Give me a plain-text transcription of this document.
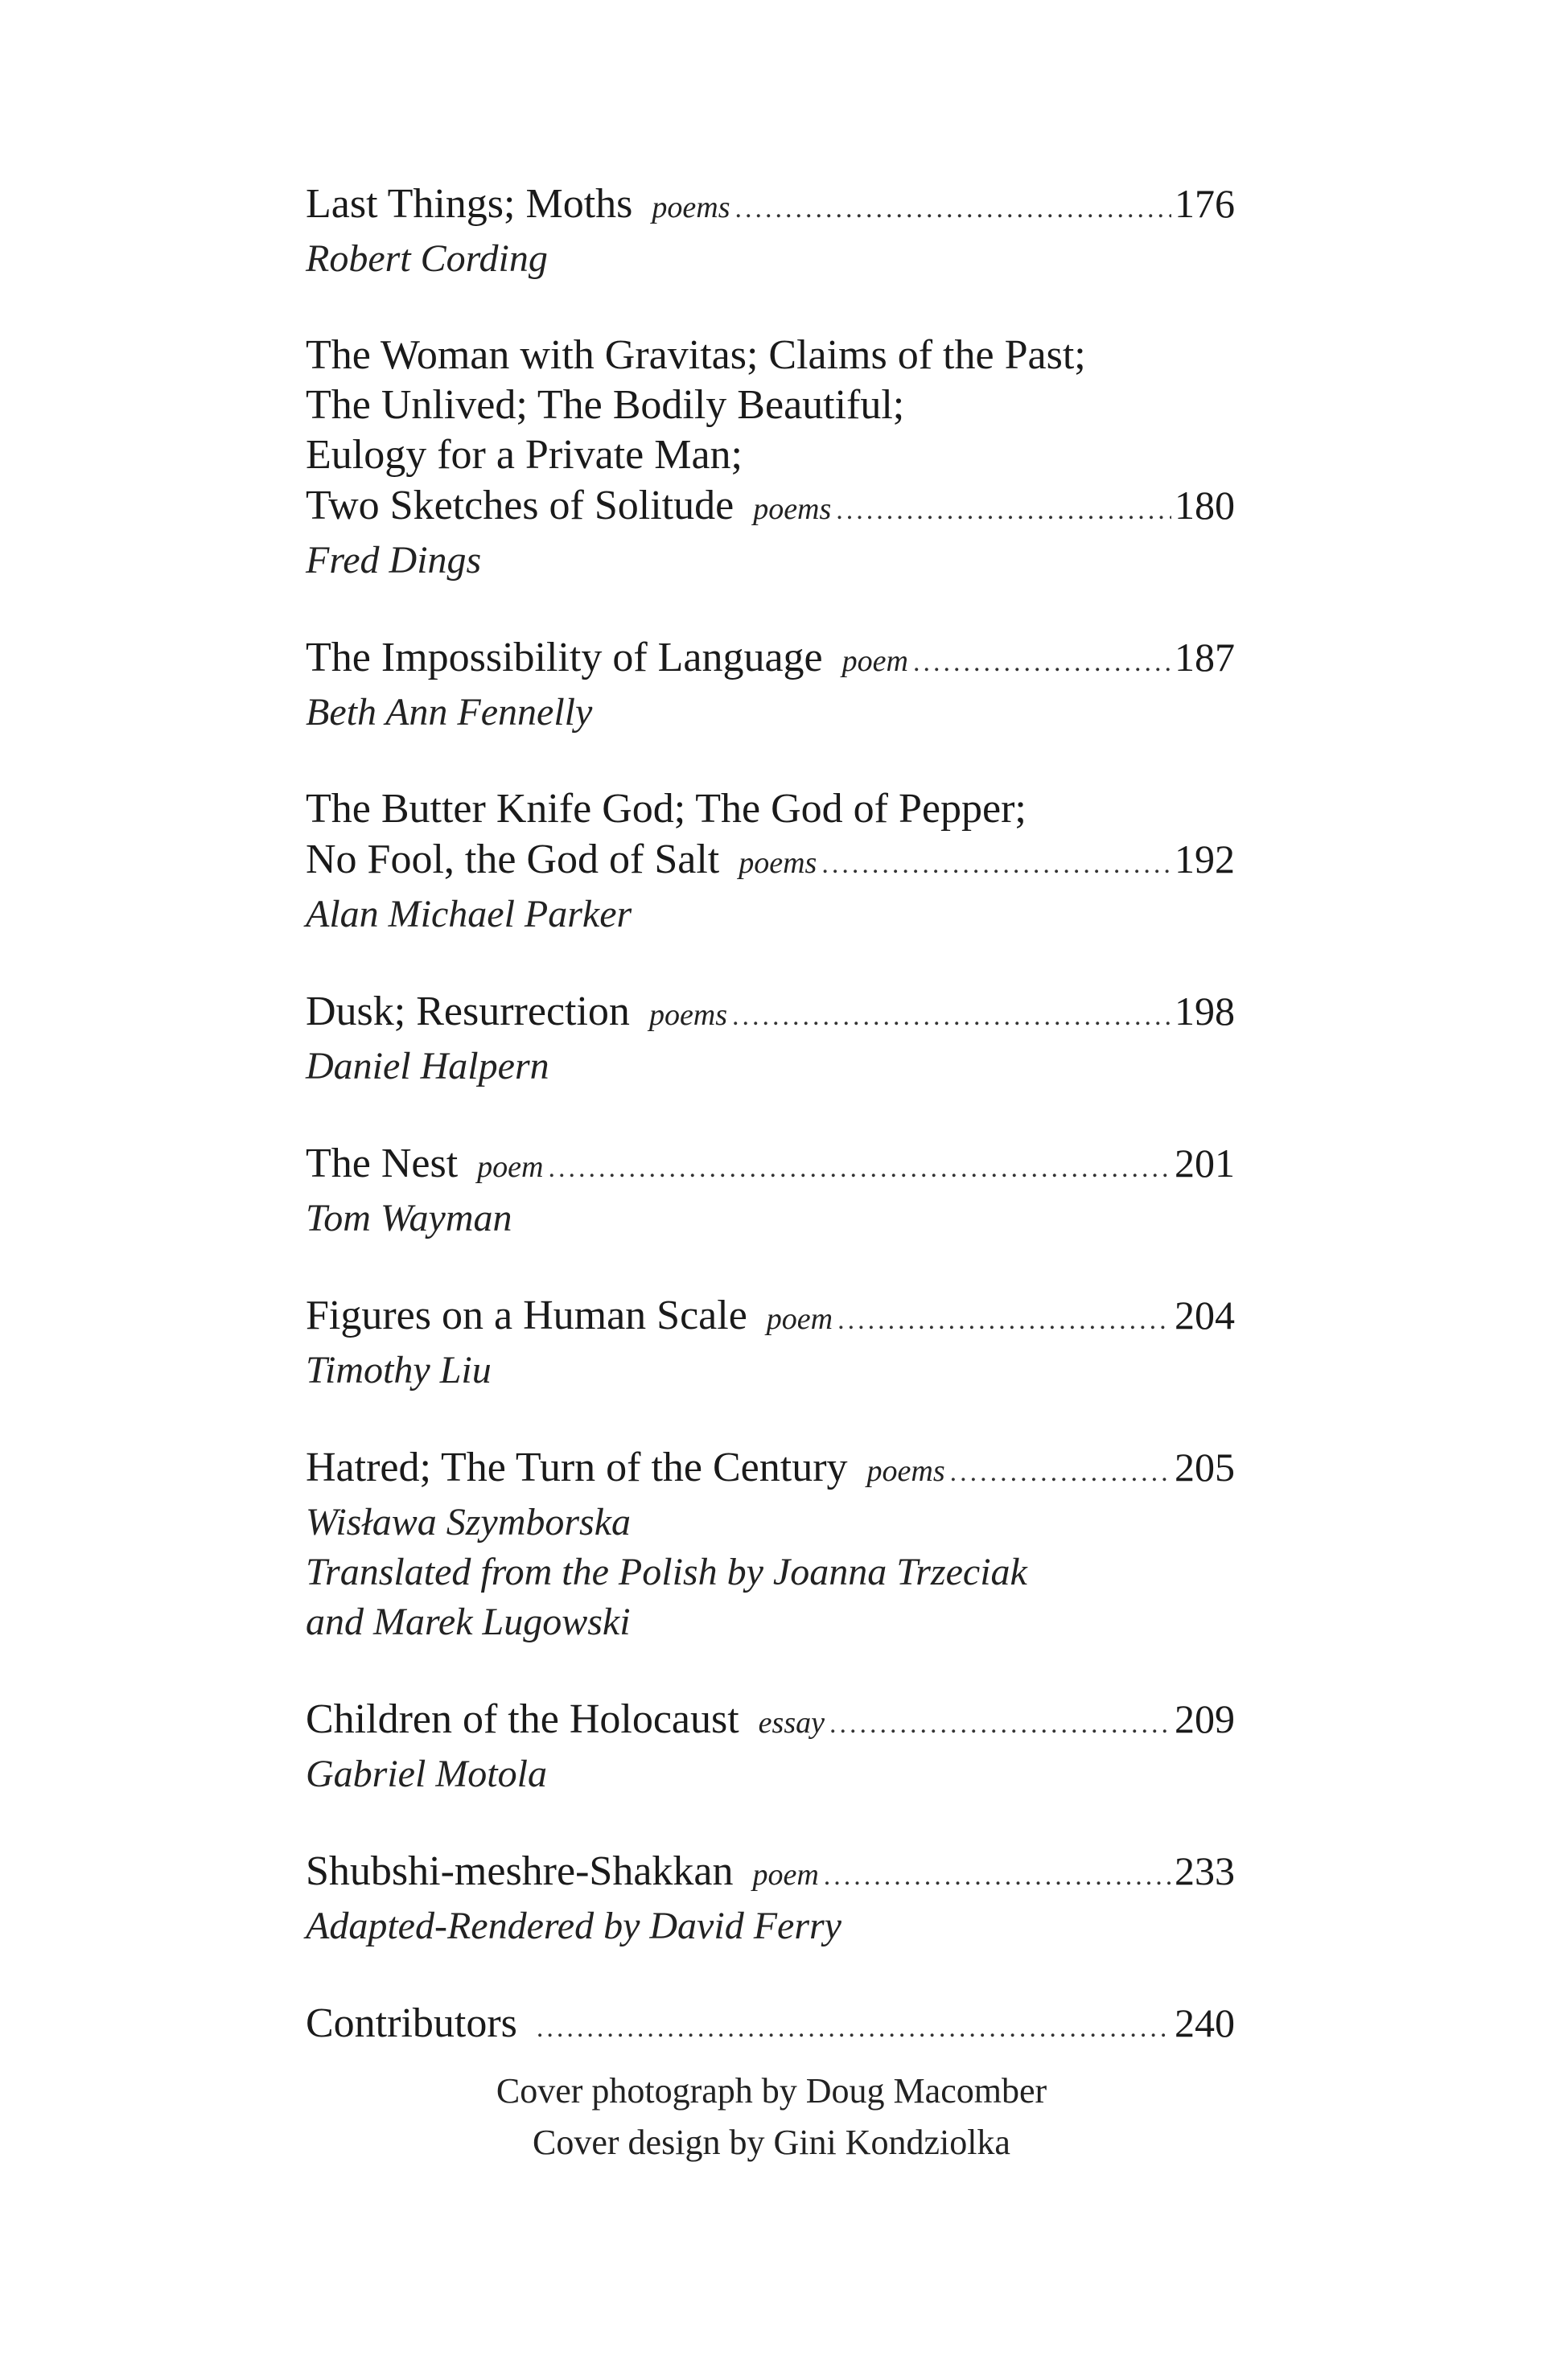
Last Things; Moths poems .....	176
Robert Cording
The Woman with Gravitas; Claims of the Past;
The Unlived; The Bodily Beautiful;
Eulogy for a Private Man;
Two Sketches of Solitude poems .....	180
Fred Dings
The Impossibility of Language poem .....	187
Beth Ann Fennelly
The Butter Knife God; The God of Pepper;
No Fool, the God of Salt poems .....	192
Alan Michael Parker
Dusk; Resurrection poems .....	198
Daniel Halpern
The Nest poem .....	201
Tom Wayman
Figures on a Human Scale poem .....	204
Timothy Liu
Hatred; The Turn of the Century poems .....	205
Wisława Szymborska
Translated from the Polish by Joanna Trzeciak
and Marek Lugowski
Children of the Holocaust essay .....	209
Gabriel Motola
Shubshi-meshre-Shakkan poem .....	233
Adapted-Rendered by David Ferry
Contributors .....	240
Cover photograph by Doug Macomber
Cover design by Gini Kondziolka
